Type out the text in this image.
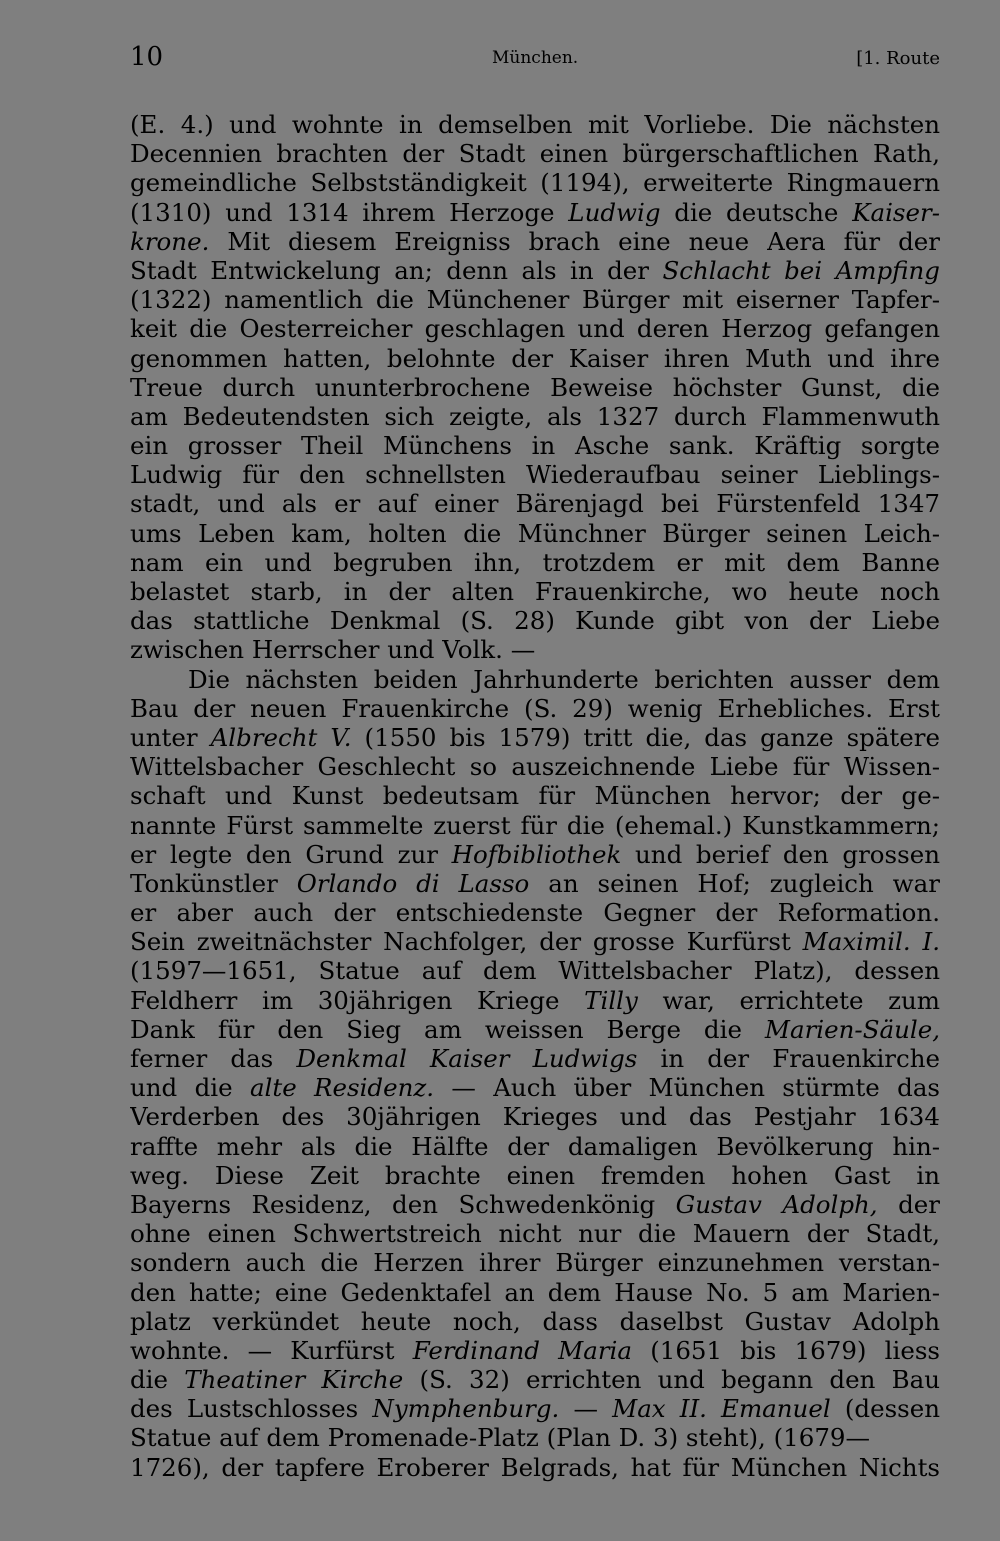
10	München.	[1. Route
(E. 4.) und wohnte in demselben mit Vorliebe. Die nächsten
Decennien brachten der Stadt einen bürgerschaftlichen Rath,
gemeindliche Selbstständigkeit (1194), erweiterte Ringmauern
(1310) und 1314 ihrem Herzoge Ludwig die deutsche Kaiser-
krone. Mit diesem Ereigniss brach eine neue Aera für der
Stadt Entwickelung an; denn als in der Schlacht bei Ampfing
(1322) namentlich die Münchener Bürger mit eiserner Tapfer-
keit die Oesterreicher geschlagen und deren Herzog gefangen
genommen hatten, belohnte der Kaiser ihren Muth und ihre
Treue durch ununterbrochene Beweise höchster Gunst, die
am Bedeutendsten sich zeigte, als 1327 durch Flammenwuth
ein grosser Theil Münchens in Asche sank. Kräftig sorgte
Ludwig für den schnellsten Wiederaufbau seiner Lieblings-
stadt, und als er auf einer Bärenjagd bei Fürstenfeld 1347
ums Leben kam, holten die Münchner Bürger seinen Leich-
nam ein und begruben ihn, trotzdem er mit dem Banne
belastet starb, in der alten Frauenkirche, wo heute noch
das stattliche Denkmal (S. 28) Kunde gibt von der Liebe
zwischen Herrscher und Volk. —
Die nächsten beiden Jahrhunderte berichten ausser dem
Bau der neuen Frauenkirche (S. 29) wenig Erhebliches. Erst
unter Albrecht V. (1550 bis 1579) tritt die, das ganze spätere
Wittelsbacher Geschlecht so auszeichnende Liebe für Wissen-
schaft und Kunst bedeutsam für München hervor; der ge-
nannte Fürst sammelte zuerst für die (ehemal.) Kunstkammern;
er legte den Grund zur Hofbibliothek und berief den grossen
Tonkünstler Orlando di Lasso an seinen Hof; zugleich war
er aber auch der entschiedenste Gegner der Reformation.
Sein zweitnächster Nachfolger, der grosse Kurfürst Maximil. I.
(1597—1651, Statue auf dem Wittelsbacher Platz), dessen
Feldherr im 30jährigen Kriege Tilly war, errichtete zum
Dank für den Sieg am weissen Berge die Marien-Säule,
ferner das Denkmal Kaiser Ludwigs in der Frauenkirche
und die alte Residenz. — Auch über München stürmte das
Verderben des 30jährigen Krieges und das Pestjahr 1634
raffte mehr als die Hälfte der damaligen Bevölkerung hin-
weg. Diese Zeit brachte einen fremden hohen Gast in
Bayerns Residenz, den Schwedenkönig Gustav Adolph, der
ohne einen Schwertstreich nicht nur die Mauern der Stadt,
sondern auch die Herzen ihrer Bürger einzunehmen verstan-
den hatte; eine Gedenktafel an dem Hause No. 5 am Marien-
platz verkündet heute noch, dass daselbst Gustav Adolph
wohnte. — Kurfürst Ferdinand Maria (1651 bis 1679) liess
die Theatiner Kirche (S. 32) errichten und begann den Bau
des Lustschlosses Nymphenburg. — Max II. Emanuel (dessen
Statue auf dem Promenade-Platz (Plan D. 3) steht), (1679—
1726), der tapfere Eroberer Belgrads, hat für München Nichts
